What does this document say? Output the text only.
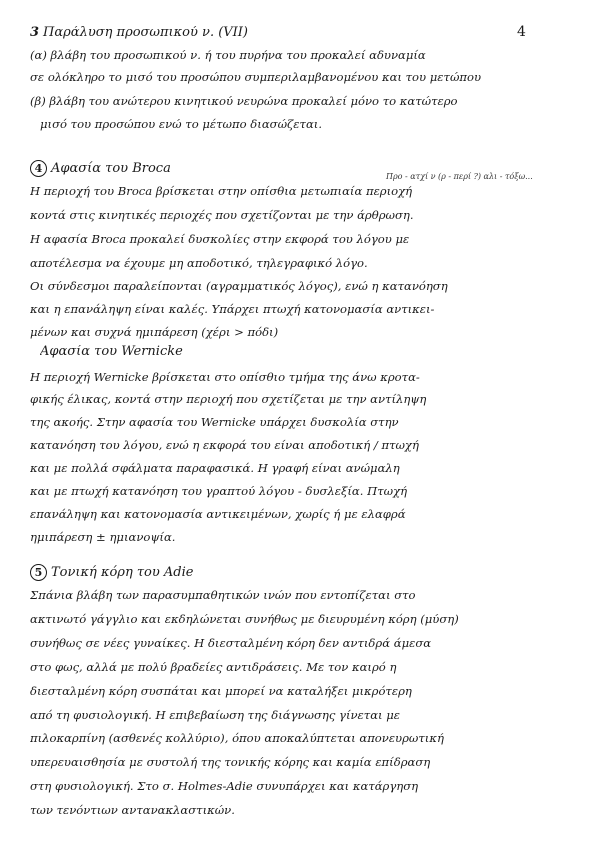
4
3 Παράλυση προσωπικού ν. (VII)
(α) βλάβη του προσωπικού ν. ή του πυρήνα του προκαλεί αδυναμία
σε ολόκληρο το μισό του προσώπου συμπεριλαμβανομένου και του μετώπου
(β) βλάβη του ανώτερου κινητικού νευρώνα προκαλεί μόνο το κατώτερο
μισό του προσώπου ενώ το μέτωπο διασώζεται.
Προ - ατχί ν (ρ - περί ?) αλι - τόξω...
4 Αφασία του Broca
Η περιοχή του Broca βρίσκεται στην οπίσθια μετωπιαία περιοχή
κοντά στις κινητικές περιοχές που σχετίζονται με την άρθρωση.
Η αφασία Broca προκαλεί δυσκολίες στην εκφορά του λόγου με
αποτέλεσμα να έχουμε μη αποδοτικό, τηλεγραφικό λόγο.
Οι σύνδεσμοι παραλείπονται (αγραμματικός λόγος), ενώ η κατανόηση
και η επανάληψη είναι καλές. Υπάρχει πτωχή κατονομασία αντικει-
μένων και συχνά ημιπάρεση (χέρι > πόδι)
Αφασία του Wernicke
Η περιοχή Wernicke βρίσκεται στο οπίσθιο τμήμα της άνω κροτα-
φικής έλικας, κοντά στην περιοχή που σχετίζεται με την αντίληψη
της ακοής. Στην αφασία του Wernicke υπάρχει δυσκολία στην
κατανόηση του λόγου, ενώ η εκφορά του είναι αποδοτική / πτωχή
και με πολλά σφάλματα παραφασικά. Η γραφή είναι ανώμαλη
και με πτωχή κατανόηση του γραπτού λόγου - δυσλεξία. Πτωχή
επανάληψη και κατονομασία αντικειμένων, χωρίς ή με ελαφρά
ημιπάρεση ± ημιανοψία.
5 Τονική κόρη του Adie
Σπάνια βλάβη των παρασυμπαθητικών ινών που εντοπίζεται στο
ακτινωτό γάγγλιο και εκδηλώνεται συνήθως με διευρυμένη κόρη (μύση)
συνήθως σε νέες γυναίκες. Η διεσταλμένη κόρη δεν αντιδρά άμεσα
στο φως, αλλά με πολύ βραδείες αντιδράσεις. Με τον καιρό η
διεσταλμένη κόρη συσπάται και μπορεί να καταλήξει μικρότερη
από τη φυσιολογική. Η επιβεβαίωση της διάγνωσης γίνεται με
πιλοκαρπίνη (ασθενές κολλύριο), όπου αποκαλύπτεται απονευρωτική
υπερευαισθησία με συστολή της τονικής κόρης και καμία επίδραση
στη φυσιολογική. Στο σ. Holmes-Adie συνυπάρχει και κατάργηση
των τενόντιων αντανακλαστικών.
